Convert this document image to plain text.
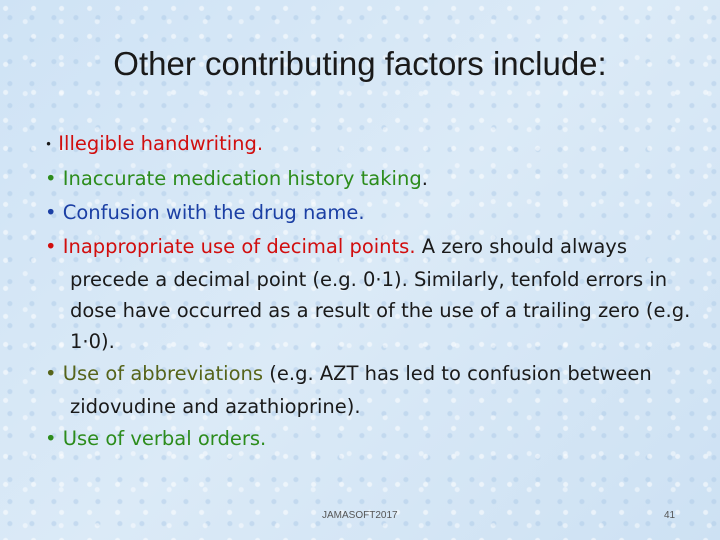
Other contributing factors include:

• Illegible handwriting.

• Inaccurate medication history taking.

• Confusion with the drug name.

• Inappropriate use of decimal points. A zero should always
precede a decimal point (e.g. 0·1). Similarly, tenfold errors in
dose have occurred as a result of the use of a trailing zero (e.g.
1·0).

• Use of abbreviations (e.g. AZT has led to confusion between
zidovudine and azathioprine).

• Use of verbal orders.

JAMASOFT2017	41
